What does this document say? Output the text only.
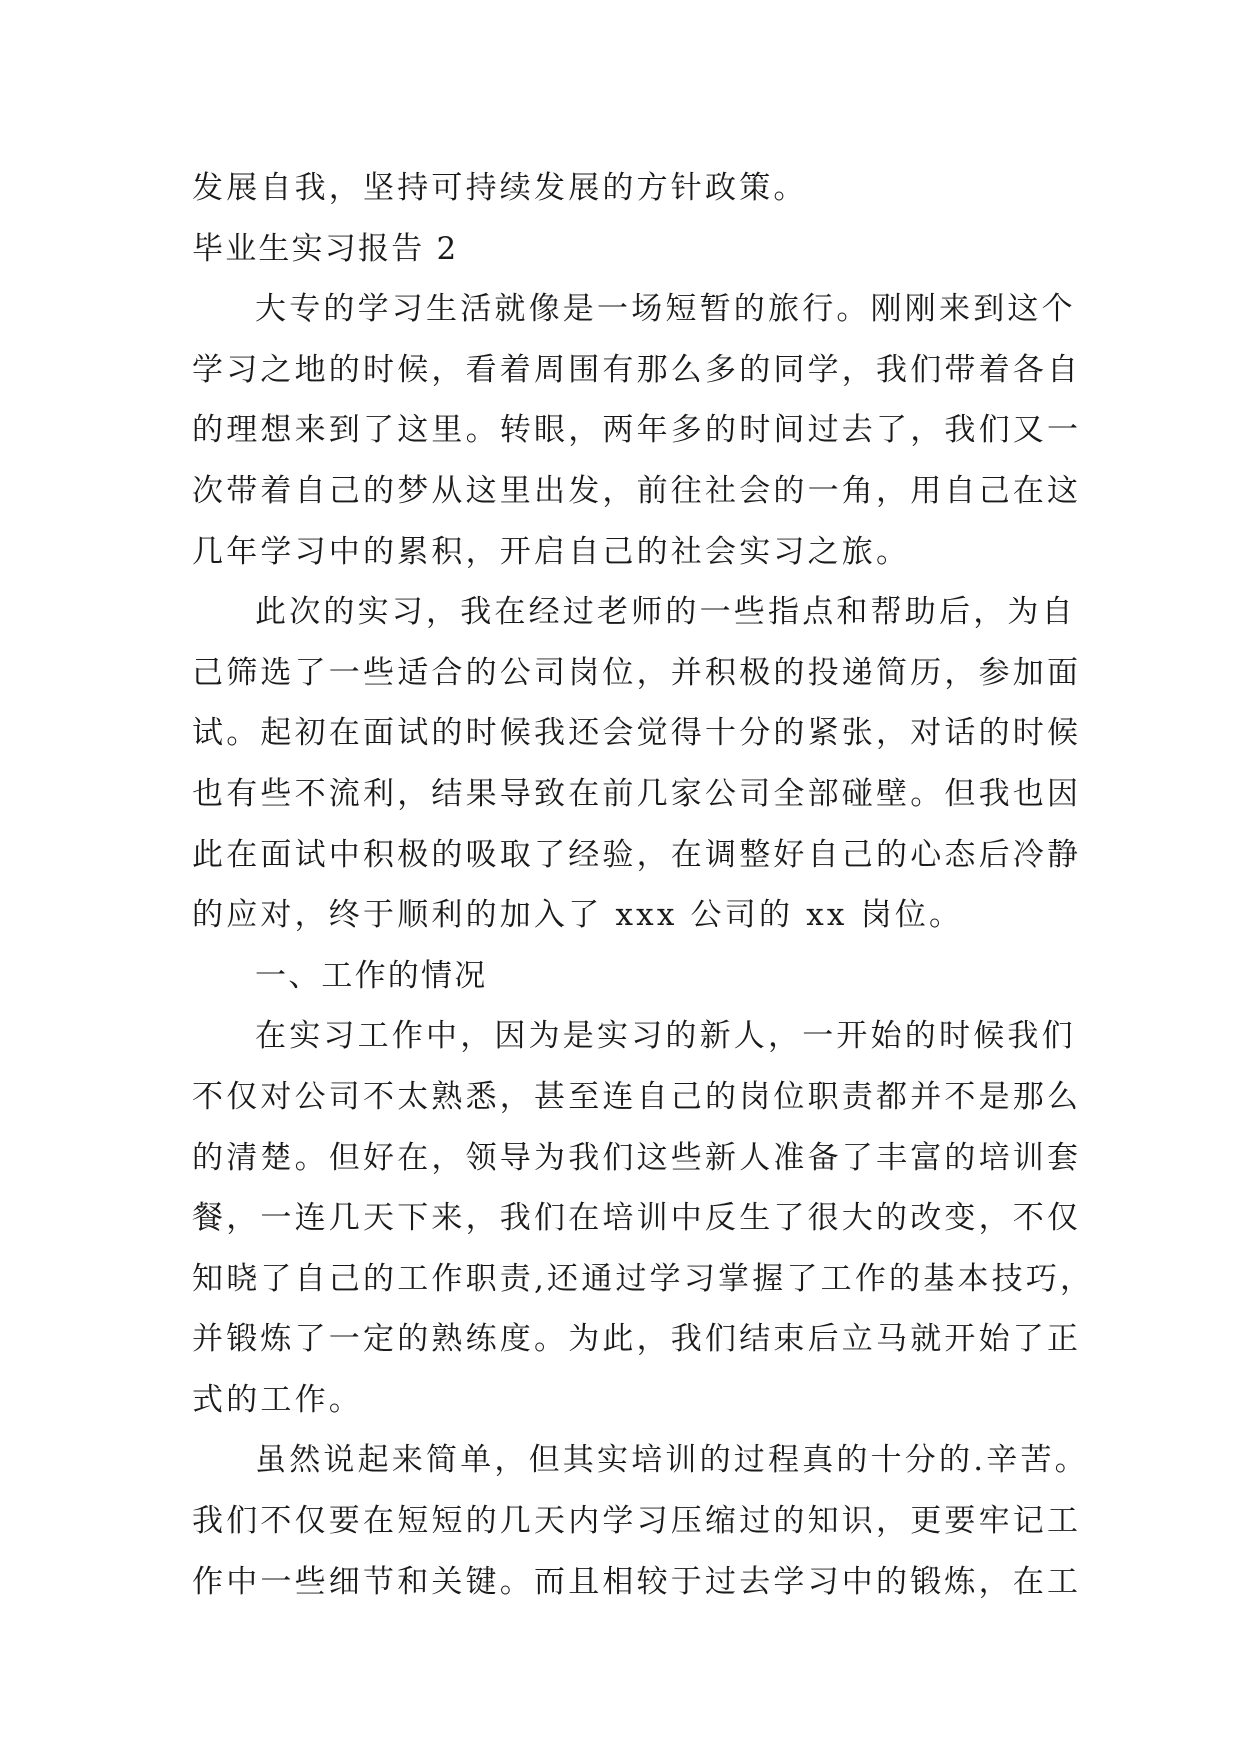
发展自我，坚持可持续发展的方针政策。
毕业生实习报告 2
大专的学习生活就像是一场短暂的旅行。刚刚来到这个
学习之地的时候，看着周围有那么多的同学，我们带着各自
的理想来到了这里。转眼，两年多的时间过去了，我们又一
次带着自己的梦从这里出发，前往社会的一角，用自己在这
几年学习中的累积，开启自己的社会实习之旅。
此次的实习，我在经过老师的一些指点和帮助后，为自
己筛选了一些适合的公司岗位，并积极的投递简历，参加面
试。起初在面试的时候我还会觉得十分的紧张，对话的时候
也有些不流利，结果导致在前几家公司全部碰壁。但我也因
此在面试中积极的吸取了经验，在调整好自己的心态后冷静
的应对，终于顺利的加入了 xxx 公司的 xx 岗位。
一、工作的情况
在实习工作中，因为是实习的新人，一开始的时候我们
不仅对公司不太熟悉，甚至连自己的岗位职责都并不是那么
的清楚。但好在，领导为我们这些新人准备了丰富的培训套
餐，一连几天下来，我们在培训中反生了很大的改变，不仅
知晓了自己的工作职责,还通过学习掌握了工作的基本技巧，
并锻炼了一定的熟练度。为此，我们结束后立马就开始了正
式的工作。
虽然说起来简单，但其实培训的过程真的十分的.辛苦。
我们不仅要在短短的几天内学习压缩过的知识，更要牢记工
作中一些细节和关键。而且相较于过去学习中的锻炼，在工
